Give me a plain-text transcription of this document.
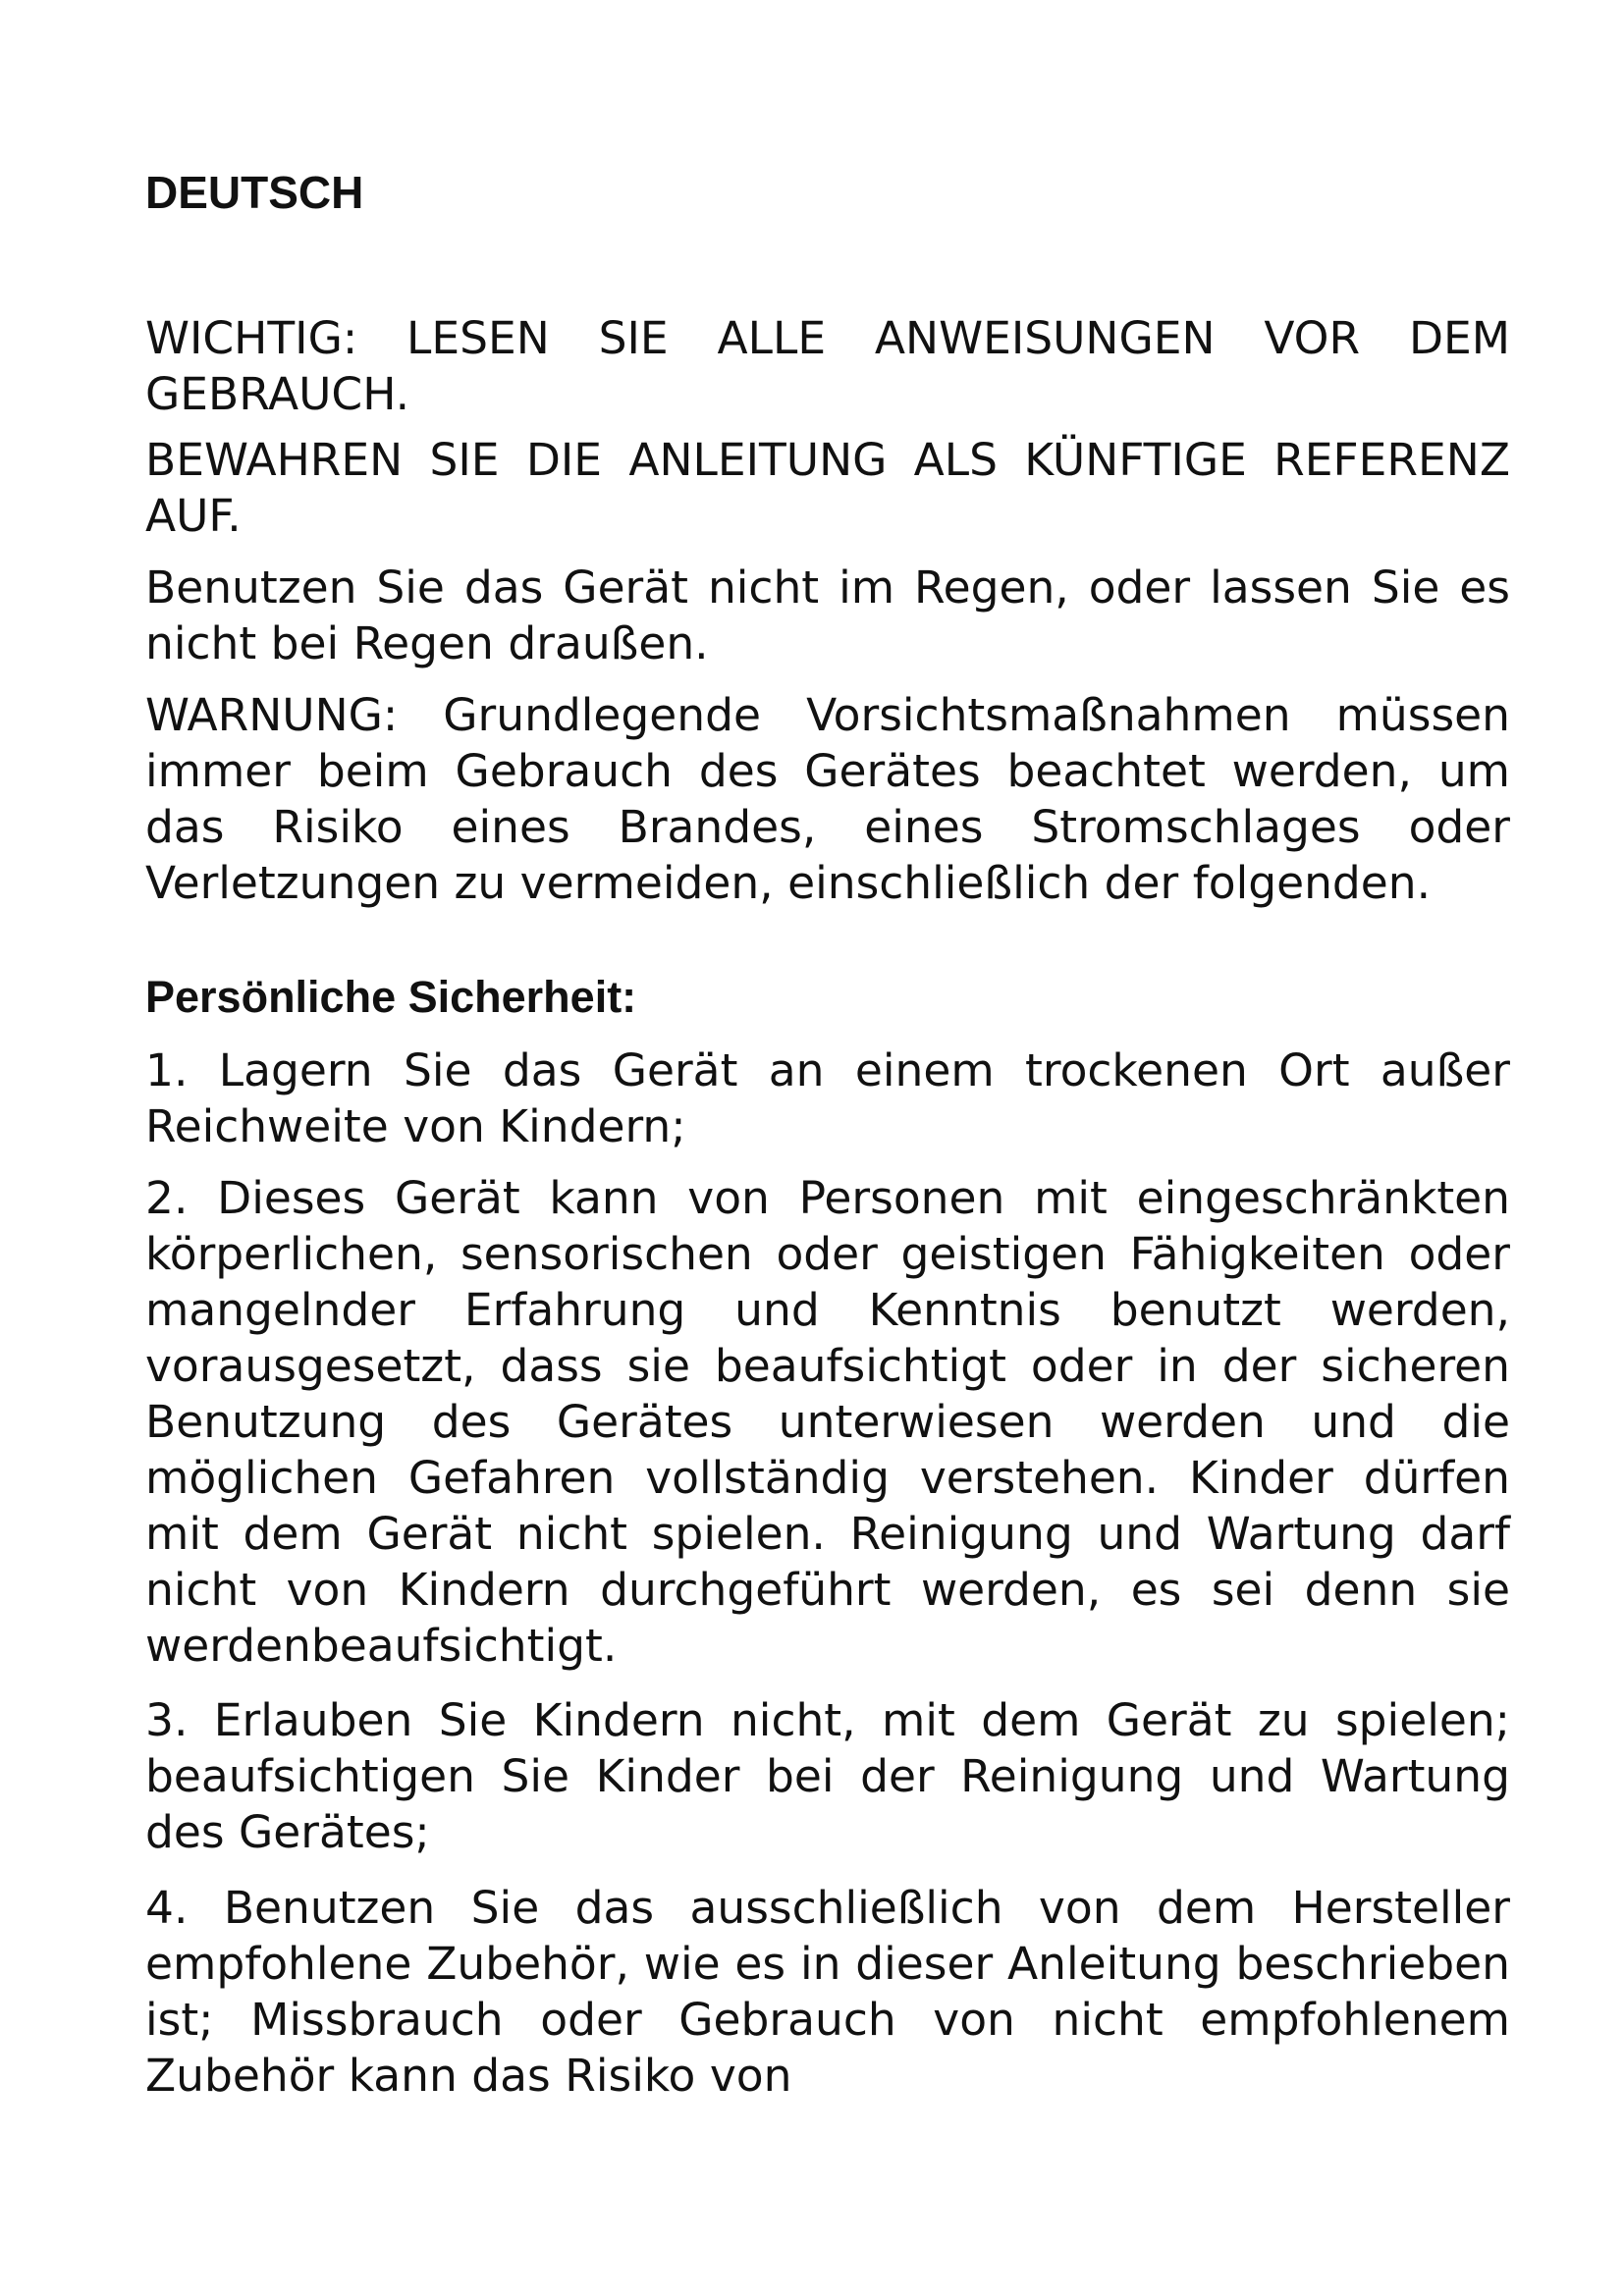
DEUTSCH

WICHTIG: LESEN SIE ALLE ANWEISUNGEN VOR DEM GEBRAUCH.

BEWAHREN SIE DIE ANLEITUNG ALS KÜNFTIGE REFERENZ AUF.

Benutzen Sie das Gerät nicht im Regen, oder lassen Sie es nicht bei Regen draußen.

WARNUNG: Grundlegende Vorsichtsmaßnahmen müssen immer beim Gebrauch des Gerätes beachtet werden, um das Risiko eines Brandes, eines Stromschlages oder Verletzungen zu vermeiden, einschließlich der folgenden.

Persönliche Sicherheit:

1. Lagern Sie das Gerät an einem trockenen Ort außer Reichweite von Kindern;

2. Dieses Gerät kann von Personen mit eingeschränkten körperlichen, sensorischen oder geistigen Fähigkeiten oder mangelnder Erfahrung und Kenntnis benutzt werden, vorausgesetzt, dass sie beaufsichtigt oder in der sicheren Benutzung des Gerätes unterwiesen werden und die möglichen Gefahren vollständig verstehen. Kinder dürfen mit dem Gerät nicht spielen. Reinigung und Wartung darf nicht von Kindern durchgeführt werden, es sei denn sie werdenbeaufsichtigt.

3. Erlauben Sie Kindern nicht, mit dem Gerät zu spielen; beaufsichtigen Sie Kinder bei der Reinigung und Wartung des Gerätes;

4. Benutzen Sie das ausschließlich von dem Hersteller empfohlene Zubehör, wie es in dieser Anleitung beschrieben ist; Missbrauch oder Gebrauch von nicht empfohlenem Zubehör kann das Risiko von
